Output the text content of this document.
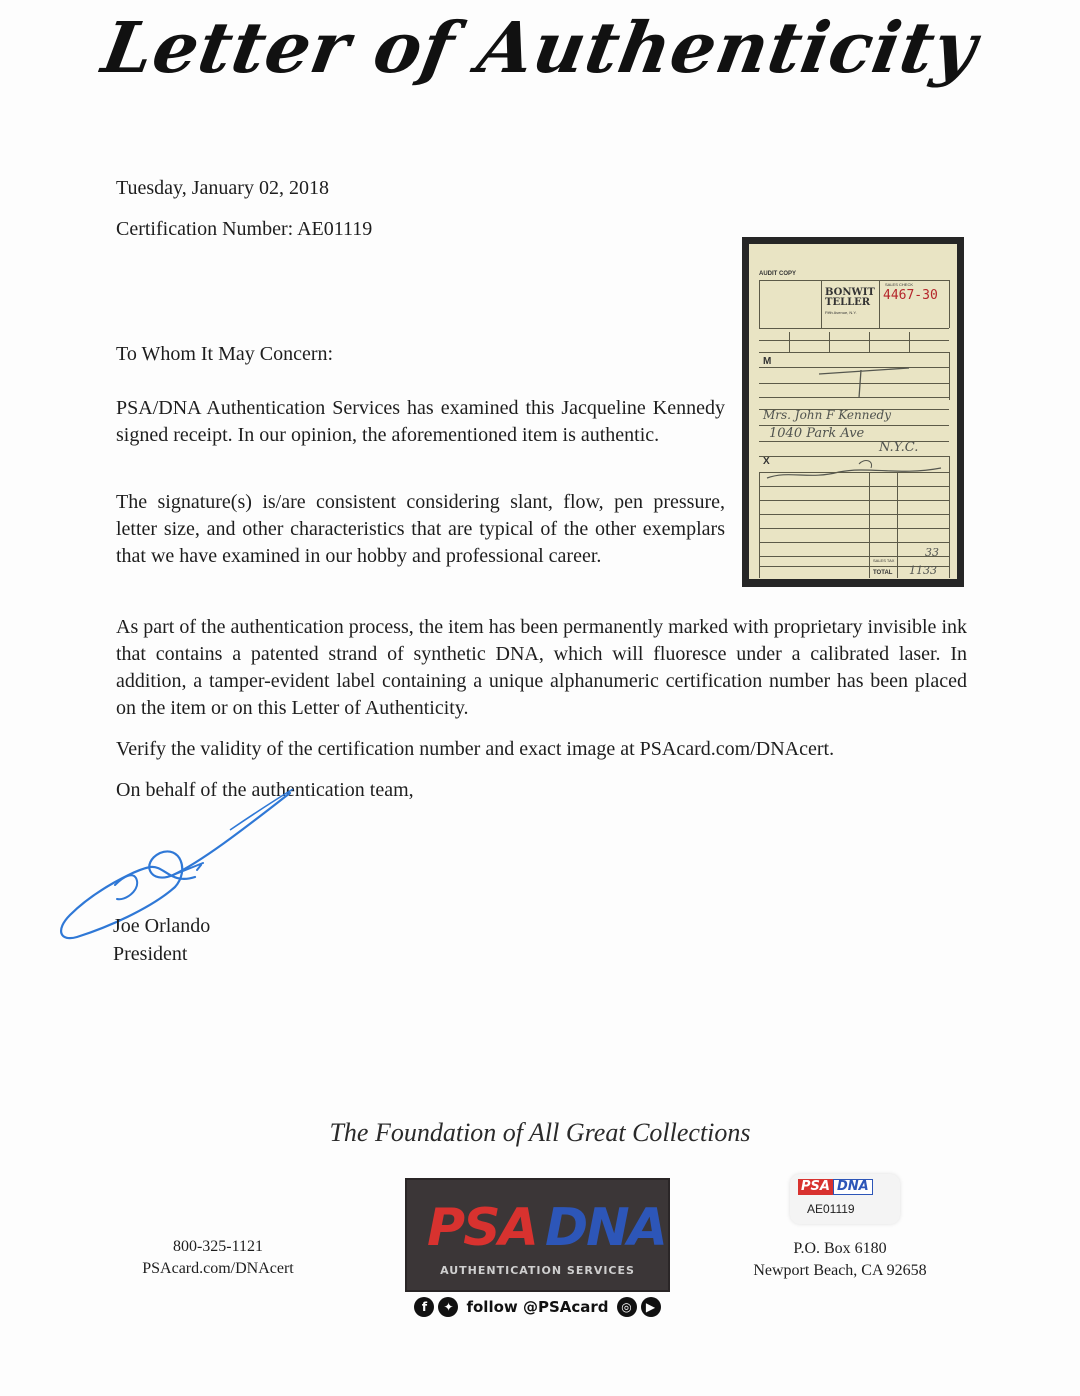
Letter of Authenticity
Tuesday, January 02, 2018
Certification Number: AE01119
To Whom It May Concern:

PSA/DNA Authentication Services has examined this Jacqueline Kennedy signed receipt. In our opinion, the aforementioned item is authentic.

The signature(s) is/are consistent considering slant, flow, pen pressure, letter size, and other characteristics that are typical of the other exemplars that we have examined in our hobby and professional career.

As part of the authentication process, the item has been permanently marked with proprietary invisible ink that contains a patented strand of synthetic DNA, which will fluoresce under a calibrated laser. In addition, a tamper-evident label containing a unique alphanumeric certification number has been placed on the item or on this Letter of Authenticity.

Verify the validity of the certification number and exact image at PSAcard.com/DNAcert.

On behalf of the authentication team,
Joe Orlando
President
AUDIT COPY
BONWIT
TELLER
Fifth Avenue, N.Y.
SALES CHECK
4467-30
M
Mrs. John F Kennedy
1040 Park Ave
N.Y.C.
X
SALES TAX
33
TOTAL 1133
The Foundation of All Great Collections
800-325-1121
PSAcard.com/DNAcert
PSA DNA
AUTHENTICATION SERVICES
f	✦ follow @PSAcard	◎	▶
PSA DNA
AE01119
P.O. Box 6180
Newport Beach, CA 92658
